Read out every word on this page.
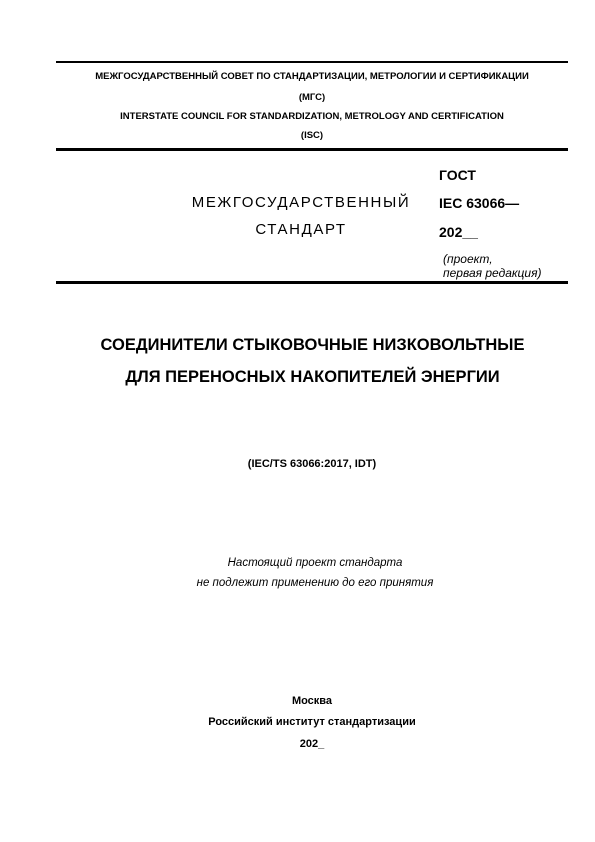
МЕЖГОСУДАРСТВЕННЫЙ СОВЕТ ПО СТАНДАРТИЗАЦИИ, МЕТРОЛОГИИ И СЕРТИФИКАЦИИ
(МГС)
INTERSTATE COUNCIL FOR STANDARDIZATION, METROLOGY AND CERTIFICATION
(ISC)
МЕЖГОСУДАРСТВЕННЫЙ
СТАНДАРТ
ГОСТ
IEC 63066—
202__
(проект,
первая редакция)
СОЕДИНИТЕЛИ СТЫКОВОЧНЫЕ НИЗКОВОЛЬТНЫЕ
ДЛЯ ПЕРЕНОСНЫХ НАКОПИТЕЛЕЙ ЭНЕРГИИ
(IEC/TS 63066:2017, IDT)
Настоящий проект стандарта
не подлежит применению до его принятия
Москва
Российский институт стандартизации
202_
